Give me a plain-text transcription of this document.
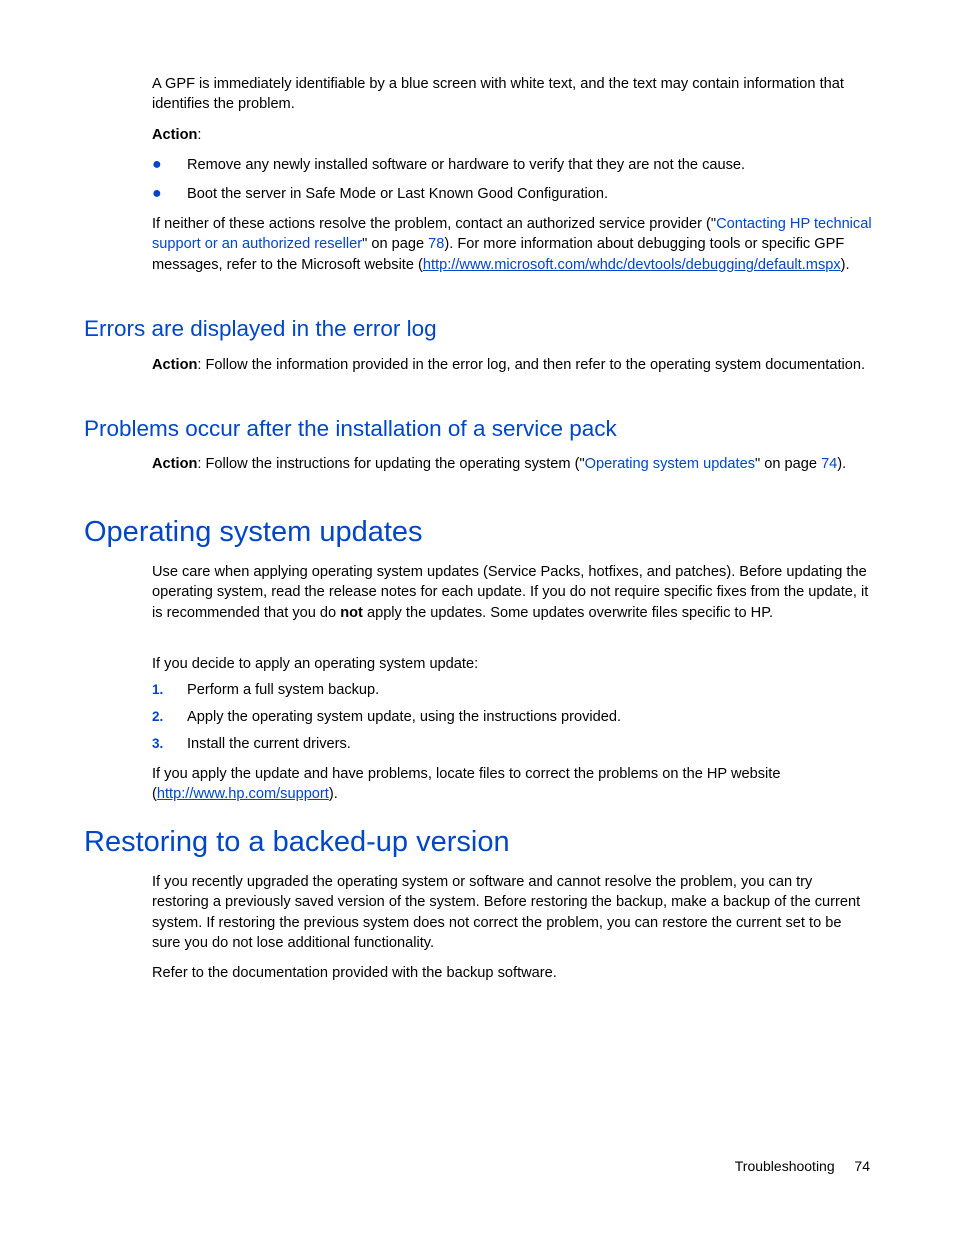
A GPF is immediately identifiable by a blue screen with white text, and the text may contain information that identifies the problem.

Action:

● Remove any newly installed software or hardware to verify that they are not the cause.
● Boot the server in Safe Mode or Last Known Good Configuration.

If neither of these actions resolve the problem, contact an authorized service provider ("Contacting HP technical support or an authorized reseller" on page 78). For more information about debugging tools or specific GPF messages, refer to the Microsoft website (http://www.microsoft.com/whdc/devtools/debugging/default.mspx).

Errors are displayed in the error log

Action: Follow the information provided in the error log, and then refer to the operating system documentation.

Problems occur after the installation of a service pack

Action: Follow the instructions for updating the operating system ("Operating system updates" on page 74).

Operating system updates

Use care when applying operating system updates (Service Packs, hotfixes, and patches). Before updating the operating system, read the release notes for each update. If you do not require specific fixes from the update, it is recommended that you do not apply the updates. Some updates overwrite files specific to HP.

If you decide to apply an operating system update:

1. Perform a full system backup.
2. Apply the operating system update, using the instructions provided.
3. Install the current drivers.

If you apply the update and have problems, locate files to correct the problems on the HP website (http://www.hp.com/support).

Restoring to a backed-up version

If you recently upgraded the operating system or software and cannot resolve the problem, you can try restoring a previously saved version of the system. Before restoring the backup, make a backup of the current system. If restoring the previous system does not correct the problem, you can restore the current set to be sure you do not lose additional functionality.

Refer to the documentation provided with the backup software.

Troubleshooting 74
